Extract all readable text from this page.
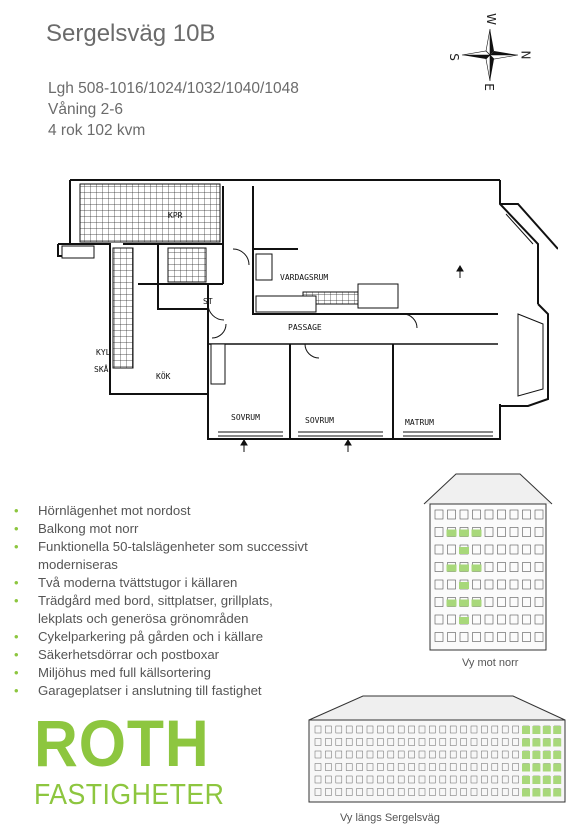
Sergelsväg 10B
Lgh 508-1016/1024/1032/1040/1048
Våning 2-6
4 rok 102 kvm
W
N
S
E
KÖK
VARDAGSRUM
PASSAGE
SOVRUM	SOVRUM	MATRUM
KYL
SKÅ
ST
KPR
• Hörnlägenhet mot nordost
• Balkong mot norr
• Funktionella 50-talslägenheter som successivt moderniseras
• Två moderna tvättstugor i källaren
• Trädgård med bord, sittplatser, grillplats, lekplats och generösa grönområden
• Cykelparkering på gården och i källare
• Säkerhetsdörrar och postboxar
• Miljöhus med full källsortering
• Garageplatser i anslutning till fastighet
ROTH
FASTIGHETER
Vy mot norr
Vy längs Sergelsväg
